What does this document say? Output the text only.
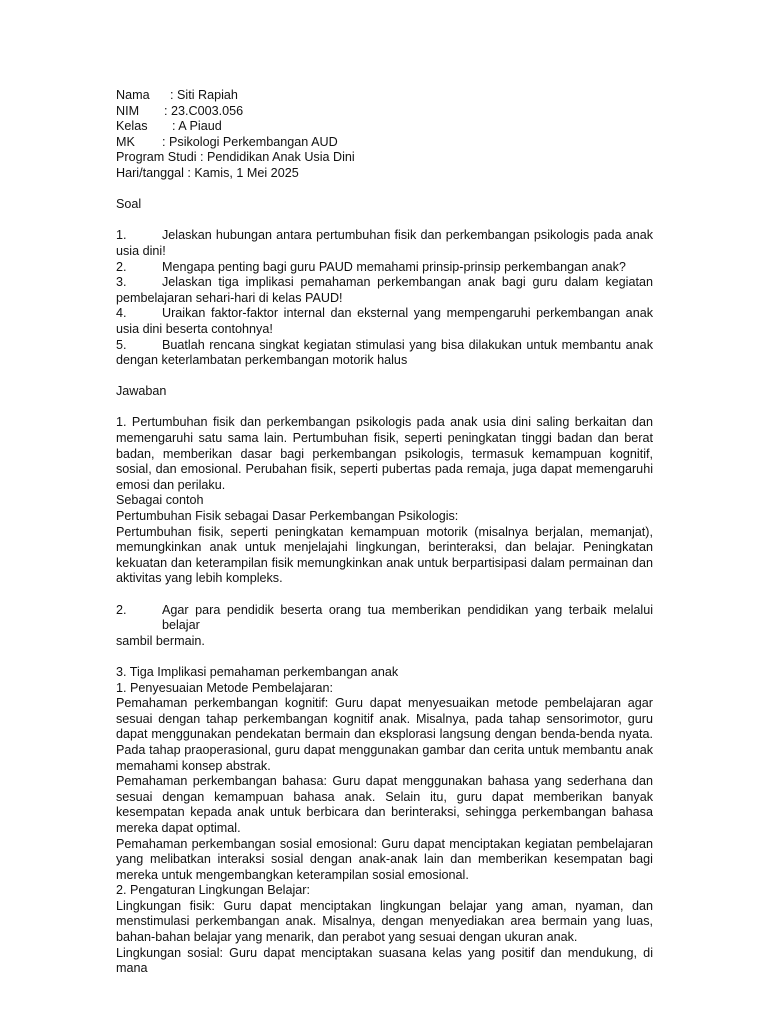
Nama	: Siti Rapiah
NIM	: 23.C003.056
Kelas	: A Piaud
MK	: Psikologi Perkembangan AUD

Program Studi : Pendidikan Anak Usia Dini

Hari/tanggal : Kamis, 1 Mei 2025

Soal

1.	Jelaskan hubungan antara pertumbuhan fisik dan perkembangan psikologis pada anak

usia dini!

2.	Mengapa penting bagi guru PAUD memahami prinsip-prinsip perkembangan anak?
3.	Jelaskan tiga implikasi pemahaman perkembangan anak bagi guru dalam kegiatan

pembelajaran sehari-hari di kelas PAUD!

4.	Uraikan faktor-faktor internal dan eksternal yang mempengaruhi perkembangan anak

usia dini beserta contohnya!

5.	Buatlah rencana singkat kegiatan stimulasi yang bisa dilakukan untuk membantu anak

dengan keterlambatan perkembangan motorik halus

Jawaban

1. Pertumbuhan fisik dan perkembangan psikologis pada anak usia dini saling berkaitan dan memengaruhi satu sama lain. Pertumbuhan fisik, seperti peningkatan tinggi badan dan berat badan, memberikan dasar bagi perkembangan psikologis, termasuk kemampuan kognitif, sosial, dan emosional. Perubahan fisik, seperti pubertas pada remaja, juga dapat memengaruhi emosi dan perilaku.

Sebagai contoh

Pertumbuhan Fisik sebagai Dasar Perkembangan Psikologis:

Pertumbuhan fisik, seperti peningkatan kemampuan motorik (misalnya berjalan, memanjat), memungkinkan anak untuk menjelajahi lingkungan, berinteraksi, dan belajar. Peningkatan kekuatan dan keterampilan fisik memungkinkan anak untuk berpartisipasi dalam permainan dan aktivitas yang lebih kompleks.

2.	Agar para pendidik beserta orang tua memberikan pendidikan yang terbaik melalui belajar

sambil bermain.

3. Tiga Implikasi pemahaman perkembangan anak

1. Penyesuaian Metode Pembelajaran:

Pemahaman perkembangan kognitif: Guru dapat menyesuaikan metode pembelajaran agar sesuai dengan tahap perkembangan kognitif anak. Misalnya, pada tahap sensorimotor, guru dapat menggunakan pendekatan bermain dan eksplorasi langsung dengan benda-benda nyata. Pada tahap praoperasional, guru dapat menggunakan gambar dan cerita untuk membantu anak memahami konsep abstrak.

Pemahaman perkembangan bahasa: Guru dapat menggunakan bahasa yang sederhana dan sesuai dengan kemampuan bahasa anak. Selain itu, guru dapat memberikan banyak kesempatan kepada anak untuk berbicara dan berinteraksi, sehingga perkembangan bahasa mereka dapat optimal.

Pemahaman perkembangan sosial emosional: Guru dapat menciptakan kegiatan pembelajaran yang melibatkan interaksi sosial dengan anak-anak lain dan memberikan kesempatan bagi mereka untuk mengembangkan keterampilan sosial emosional.

2. Pengaturan Lingkungan Belajar:

Lingkungan fisik: Guru dapat menciptakan lingkungan belajar yang aman, nyaman, dan menstimulasi perkembangan anak. Misalnya, dengan menyediakan area bermain yang luas, bahan-bahan belajar yang menarik, dan perabot yang sesuai dengan ukuran anak.

Lingkungan sosial: Guru dapat menciptakan suasana kelas yang positif dan mendukung, di mana
